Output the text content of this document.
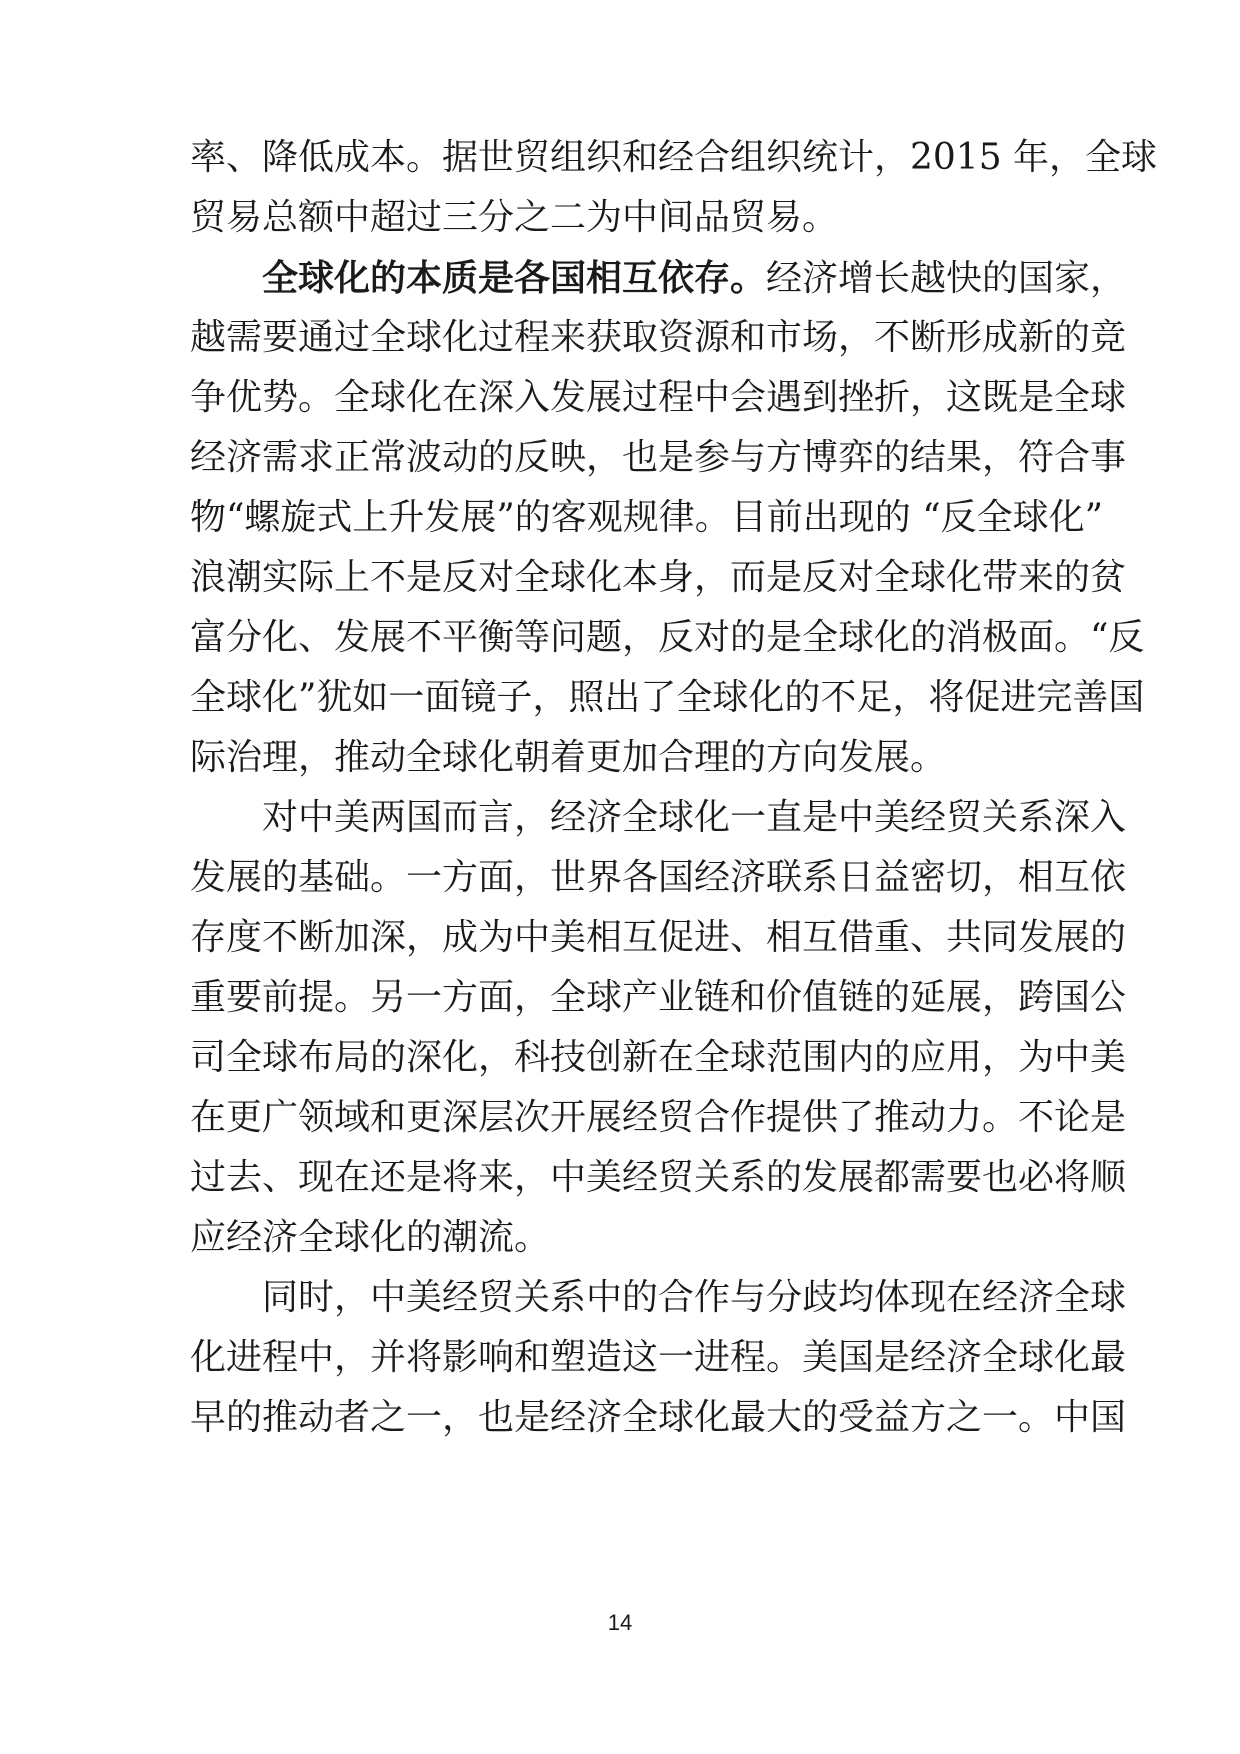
率、降低成本。据世贸组织和经合组织统计，2015 年，全球
贸易总额中超过三分之二为中间品贸易。
全球化的本质是各国相互依存。经济增长越快的国家，
越需要通过全球化过程来获取资源和市场，不断形成新的竞
争优势。全球化在深入发展过程中会遇到挫折，这既是全球
经济需求正常波动的反映，也是参与方博弈的结果，符合事
物“螺旋式上升发展”的客观规律。目前出现的 “反全球化”
浪潮实际上不是反对全球化本身，而是反对全球化带来的贫
富分化、发展不平衡等问题，反对的是全球化的消极面。“反
全球化”犹如一面镜子，照出了全球化的不足，将促进完善国
际治理，推动全球化朝着更加合理的方向发展。
对中美两国而言，经济全球化一直是中美经贸关系深入
发展的基础。一方面，世界各国经济联系日益密切，相互依
存度不断加深，成为中美相互促进、相互借重、共同发展的
重要前提。另一方面，全球产业链和价值链的延展，跨国公
司全球布局的深化，科技创新在全球范围内的应用，为中美
在更广领域和更深层次开展经贸合作提供了推动力。不论是
过去、现在还是将来，中美经贸关系的发展都需要也必将顺
应经济全球化的潮流。
同时，中美经贸关系中的合作与分歧均体现在经济全球
化进程中，并将影响和塑造这一进程。美国是经济全球化最
早的推动者之一，也是经济全球化最大的受益方之一。中国
14
